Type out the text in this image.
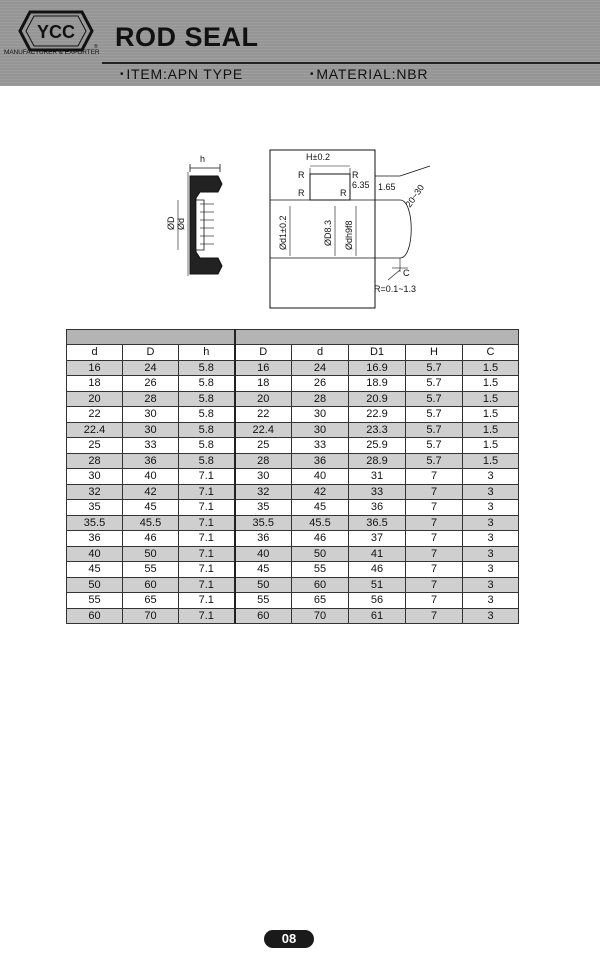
YCC
®
MANUFACTURER & EXPORTER
ROD SEAL
• ITEM:APN TYPE	• MATERIAL:NBR
h
ØD Ød
H±0.2
R	R
R	R
6.35 1.65 20~30
Ød1±0.2	ØD8.3 Ødh9f8
C
R=0.1~1.3

d	D	h	D	d	D1	H	C
16	24	5.8	16	24	16.9	5.7	1.5
18	26	5.8	18	26	18.9	5.7	1.5
20	28	5.8	20	28	20.9	5.7	1.5
22	30	5.8	22	30	22.9	5.7	1.5
22.4	30	5.8	22.4	30	23.3	5.7	1.5
25	33	5.8	25	33	25.9	5.7	1.5
28	36	5.8	28	36	28.9	5.7	1.5
30	40	7.1	30	40	31	7	3
32	42	7.1	32	42	33	7	3
35	45	7.1	35	45	36	7	3
35.5	45.5	7.1	35.5	45.5	36.5	7	3
36	46	7.1	36	46	37	7	3
40	50	7.1	40	50	41	7	3
45	55	7.1	45	55	46	7	3
50	60	7.1	50	60	51	7	3
55	65	7.1	55	65	56	7	3
60	70	7.1	60	70	61	7	3
08
